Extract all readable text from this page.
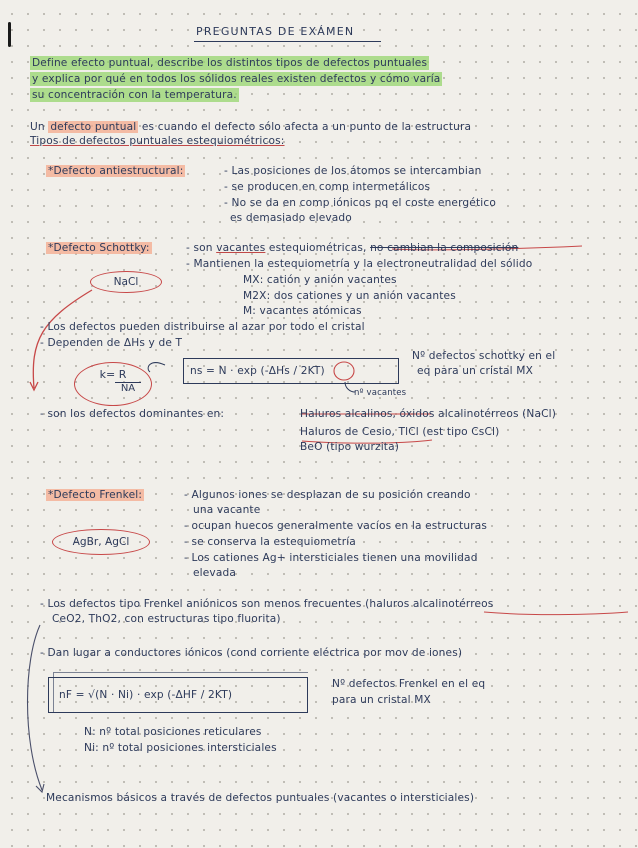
PREGUNTAS DE EXÁMEN
Define efecto puntual, describe los distintos tipos de defectos puntuales
y explica por qué en todos los sólidos reales existen defectos y cómo varía
su concentración con la temperatura.
Un defecto puntual es cuando el defecto sólo afecta a un punto de la estructura
Tipos de defectos puntuales estequiométricos:
*Defecto antiestructural:	- Las posiciones de los átomos se intercambian
- se producen en comp intermetálicos
- No se da en comp iónicos pq el coste energético
es demasiado elevado
*Defecto Schottky:	- son vacantes estequiométricas, no cambian la composición
- Mantienen la estequiometría y la electroneutralidad del sólido
MX: catión y anión vacantes
M2X: dos cationes y un anión vacantes
M: vacantes atómicas
- Los defectos pueden distribuirse al azar por todo el cristal
- Dependen de ΔHs y de T
NaCl
k= R
NA
ns = N · exp (-ΔHs / 2KT)
nº vacantes
Nº defectos schottky en el
eq para un cristal MX
- son los defectos dominantes en:	Haluros alcalinos, óxidos alcalinotérreos (NaCl)
Haluros de Cesio, TlCl (est tipo CsCl)
BeO (tipo wurzita)
*Defecto Frenkel:	- Algunos iones se desplazan de su posición creando
una vacante
- ocupan huecos generalmente vacíos en la estructuras
- se conserva la estequiometría
- Los cationes Ag+ intersticiales tienen una movilidad
elevada
AgBr, AgCl
- Los defectos tipo Frenkel aniónicos son menos frecuentes (haluros alcalinotérreos
CeO2, ThO2, con estructuras tipo fluorita)
- Dan lugar a conductores iónicos (cond corriente eléctrica por mov de iones)
nF = √(N · Ni) · exp (-ΔHF / 2KT)
Nº defectos Frenkel en el eq
para un cristal MX
N: nº total posiciones reticulares
Ni: nº total posiciones intersticiales
Mecanismos básicos a través de defectos puntuales (vacantes o intersticiales)
